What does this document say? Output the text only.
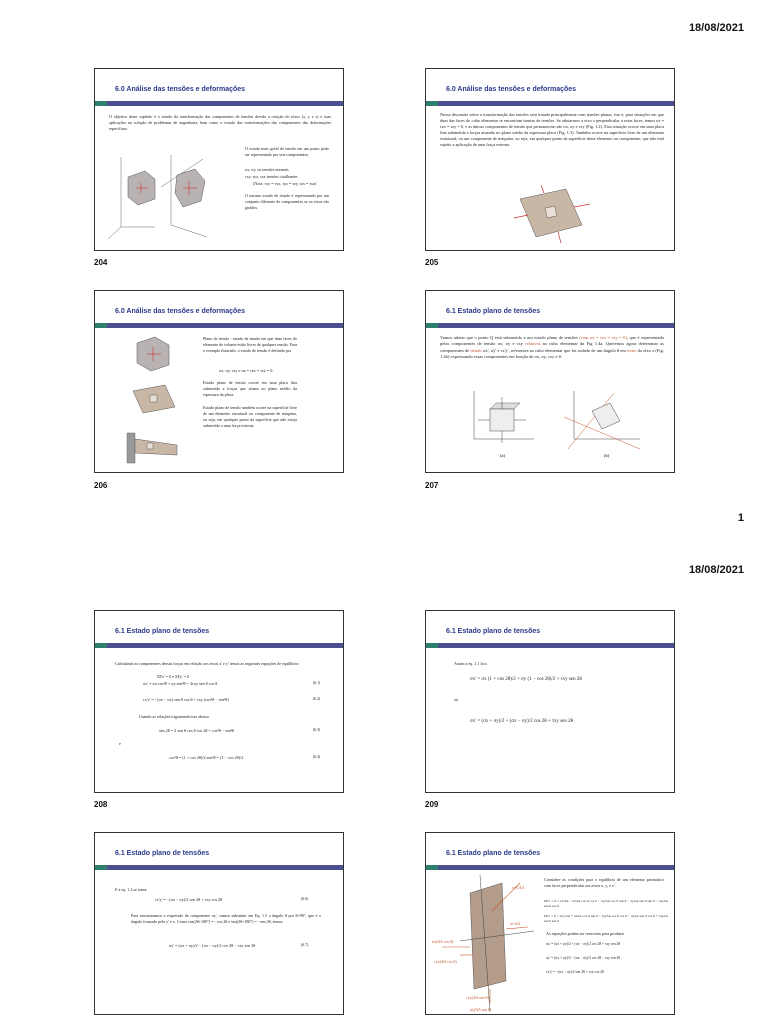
18/08/2021
6.0 Análise das tensões e deformações
O objetivo deste capítulo é o estudo da transformação das componentes de tensões devido a rotação do eixos (x, y e z) e suas aplicações na solução de problemas de engenharia, bem como o estudo das transformações das componentes das deformações específicas.
O estado mais geral de tensão em um ponto pode ser representado por seis componentes,
σx, σy, σz tensões normais
τxy, τyz, τzx tensões cisalhantes
(Nota: τxy = τyx, τyz = τzy, τzx = τxz)
O mesmo estado de tensão é representado por um conjunto diferente de componentes se os eixos são girados.
204
6.0 Análise das tensões e deformações
Nossa discussão sobre a transformação das tensões será tratada principalmente com tensões planas, isto é, para situações em que duas das faces do cubo elementar se encontram isentas de tensões. Se adotarmos o eixo z perpendicular a estas faces, temos σz = τzx = τzy = 0, e as únicas componentes de tensão que permanecem são σx, σy e τxy (Fig. 1.2). Esta situação ocorre em uma placa fina submetida a forças atuando no plano médio da espessura placa (Fig. 1.3). Também ocorre na superfície livre de um elemento estrutural, ou um componente de máquina, ou seja, em qualquer ponto da superfície deste elemento ou componente, que não está sujeito a aplicação de uma força externa.
205
6.0 Análise das tensões e deformações
Plano de tensão - estado de tensão em que duas faces do elemento do volume estão livres de qualquer tensão. Para o exemplo ilustrado, o estado de tensão é definido por
σx, σy, τxy e σz = τzx = τzy = 0.
Estado plano de tensão ocorre em uma placa fina submetida a forças que atuam no plano médio da espessura da placa.
Estado plano de tensão também ocorre na superfície livre de um elemento estrutural ou componente de máquina, ou seja, em qualquer ponto da superfície que não esteja submetido a uma força externa.
206
6.1 Estado plano de tensões
Vamos adotar que o ponto Q está submetido a um estado plano de tensões (com σz = τzx = τzy = 0), que é representado pelas componentes de tensão σx, σy e τxy relativas ao cubo elementar da Fig 1.4a. Queremos agora determinar as componentes de tensão σx', σy' e τx'y', referentes ao cubo elementar que foi rodado de um ângulo θ em torno do eixo z (Fig. 1.4b) expressando essas componentes em função de σx, σy, τxy e θ.
(a)	(b)
207
1
18/08/2021
6.1 Estado plano de tensões
Calculando as componentes dessas forças em relação aos eixos x' e y' temos as seguintes equações de equilíbrio:
ΣFx' = 0 e ΣFy' = 0
σx' = σx cos²θ + σy sen²θ + 2τxy sen θ cos θ	(6.1)
τx'y' = −(σx − σy) sen θ cos θ + τxy (cos²θ − sen²θ)	(6.2)
Usando as relações trigonométricas abaixo
sen 2θ = 2 sen θ cos θ cos 2θ = cos²θ − sen²θ	(6.3)
e
cos²θ = (1 + cos 2θ)/2 sen²θ = (1 − cos 2θ)/2	(6.4)
208
6.1 Estado plano de tensões
Assim a eq. 1.1 fica
σx' = σx (1 + cos 2θ)/2 + σy (1 − cos 2θ)/2 + τxy sen 2θ
ou
σx' = (σx + σy)/2 + (σx − σy)/2 cos 2θ + τxy sen 2θ
209
6.1 Estado plano de tensões
E a eq. 1.2 se torna:
τx'y' = −(σx − σy)/2 sen 2θ + τxy cos 2θ	(6.6)
Para encontrarmos a expressão da componente σy', vamos substituir em Eq. 1.5 o ângulo θ por θ+90°, que é o ângulo formado pelo y' e x. Como cos(2θ+180°) = −cos 2θ e sen(2θ+180°) = −sen 2θ, temos
σy' = (σx + σy)/2 − (σx − σy)/2 cos 2θ − τxy sen 2θ	(6.7)
6.1 Estado plano de tensões
τx'y'ΔA
σx(ΔA cos θ)
τxy(ΔA cos θ)
τxy(ΔA sen θ)
σy(ΔA sen θ)
σx'ΔA
Considere as condições para o equilíbrio de um elemento prismático com faces perpendicular aos eixos x, y, e x'.
ΣFx' = 0 = σx'ΔA − σxΔA cos θ cos θ − τxyΔA cos θ sen θ − σyΔA sen θ sen θ − τxyΔA sen θ cos θ
ΣFy' = 0 = τx'y'ΔA + σxΔA cos θ sen θ − τxyΔA cos θ cos θ − σyΔA sen θ cos θ + τxyΔA sen θ sen θ
As equações podem ser reescritas para produzir
σx' = (σx + σy)/2 + (σx − σy)/2 cos 2θ + τxy sen 2θ
σy' = (σx + σy)/2 − (σx − σy)/2 cos 2θ − τxy sen 2θ
τx'y' = −(σx − σy)/2 sen 2θ + τxy cos 2θ
